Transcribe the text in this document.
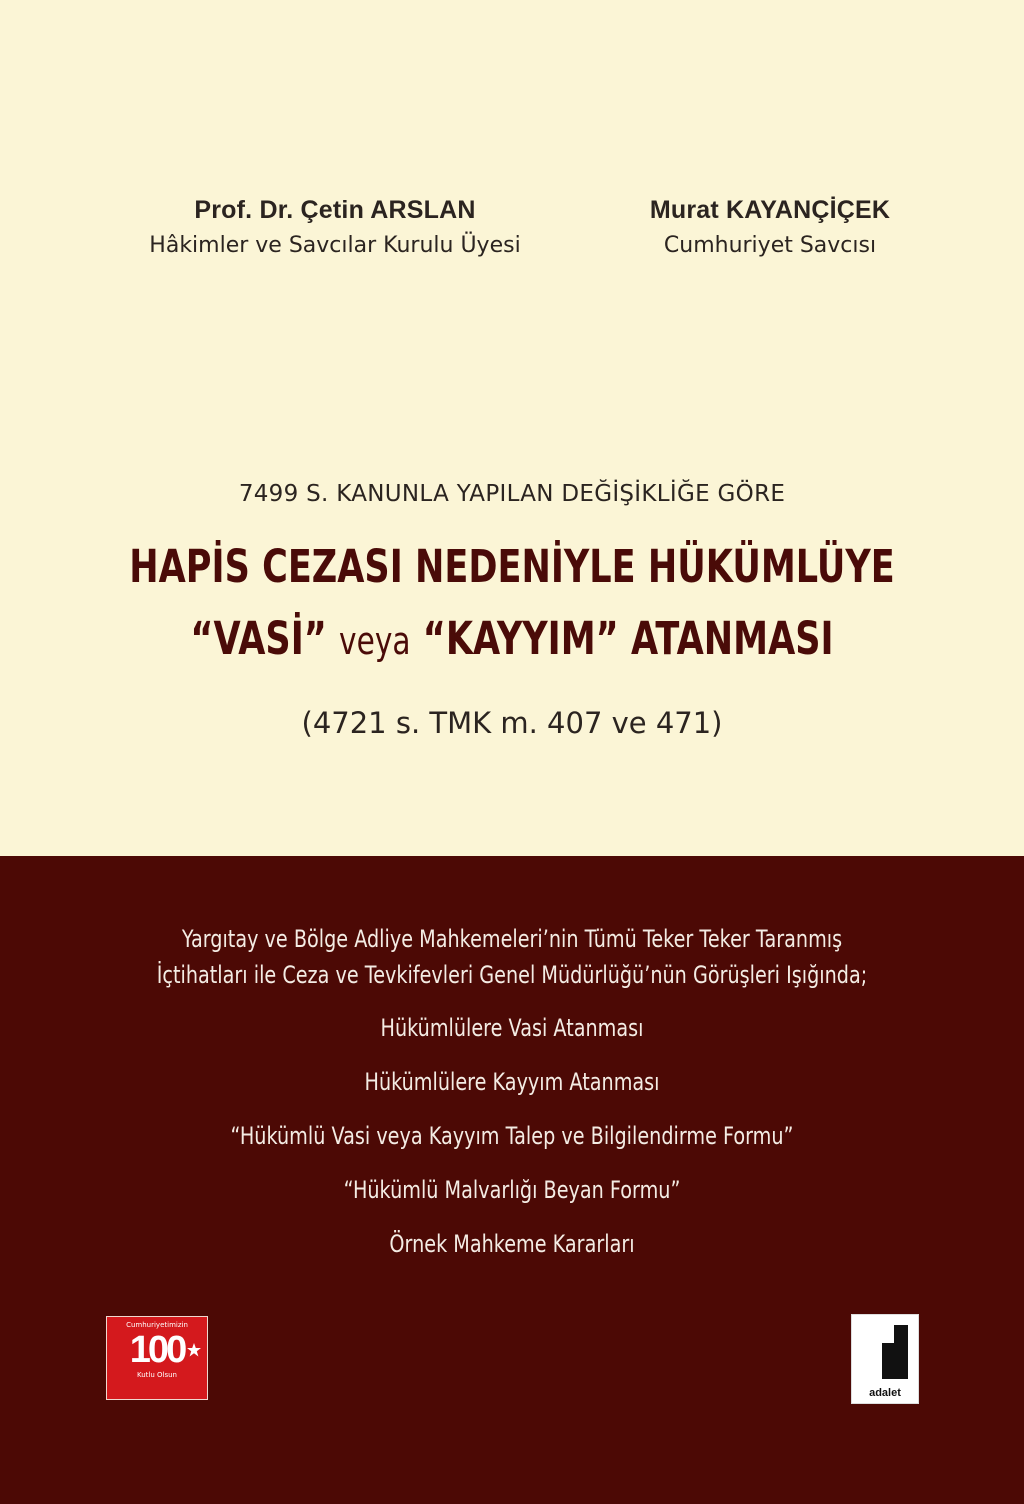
Prof. Dr. Çetin ARSLAN
Hâkimler ve Savcılar Kurulu Üyesi
Murat KAYANÇİÇEK
Cumhuriyet Savcısı
7499 S. KANUNLA YAPILAN DEĞİŞİKLİĞE GÖRE
HAPİS CEZASI NEDENİYLE HÜKÜMLÜYE
“VASİ” veya “KAYYIM” ATANMASI
(4721 s. TMK m. 407 ve 471)
Yargıtay ve Bölge Adliye Mahkemeleri’nin Tümü Teker Teker Taranmış
İçtihatları ile Ceza ve Tevkifevleri Genel Müdürlüğü’nün Görüşleri Işığında;
Hükümlülere Vasi Atanması
Hükümlülere Kayyım Atanması
“Hükümlü Vasi veya Kayyım Talep ve Bilgilendirme Formu”
“Hükümlü Malvarlığı Beyan Formu”
Örnek Mahkeme Kararları
Cumhuriyetimizin
100
Kutlu Olsun
adalet
